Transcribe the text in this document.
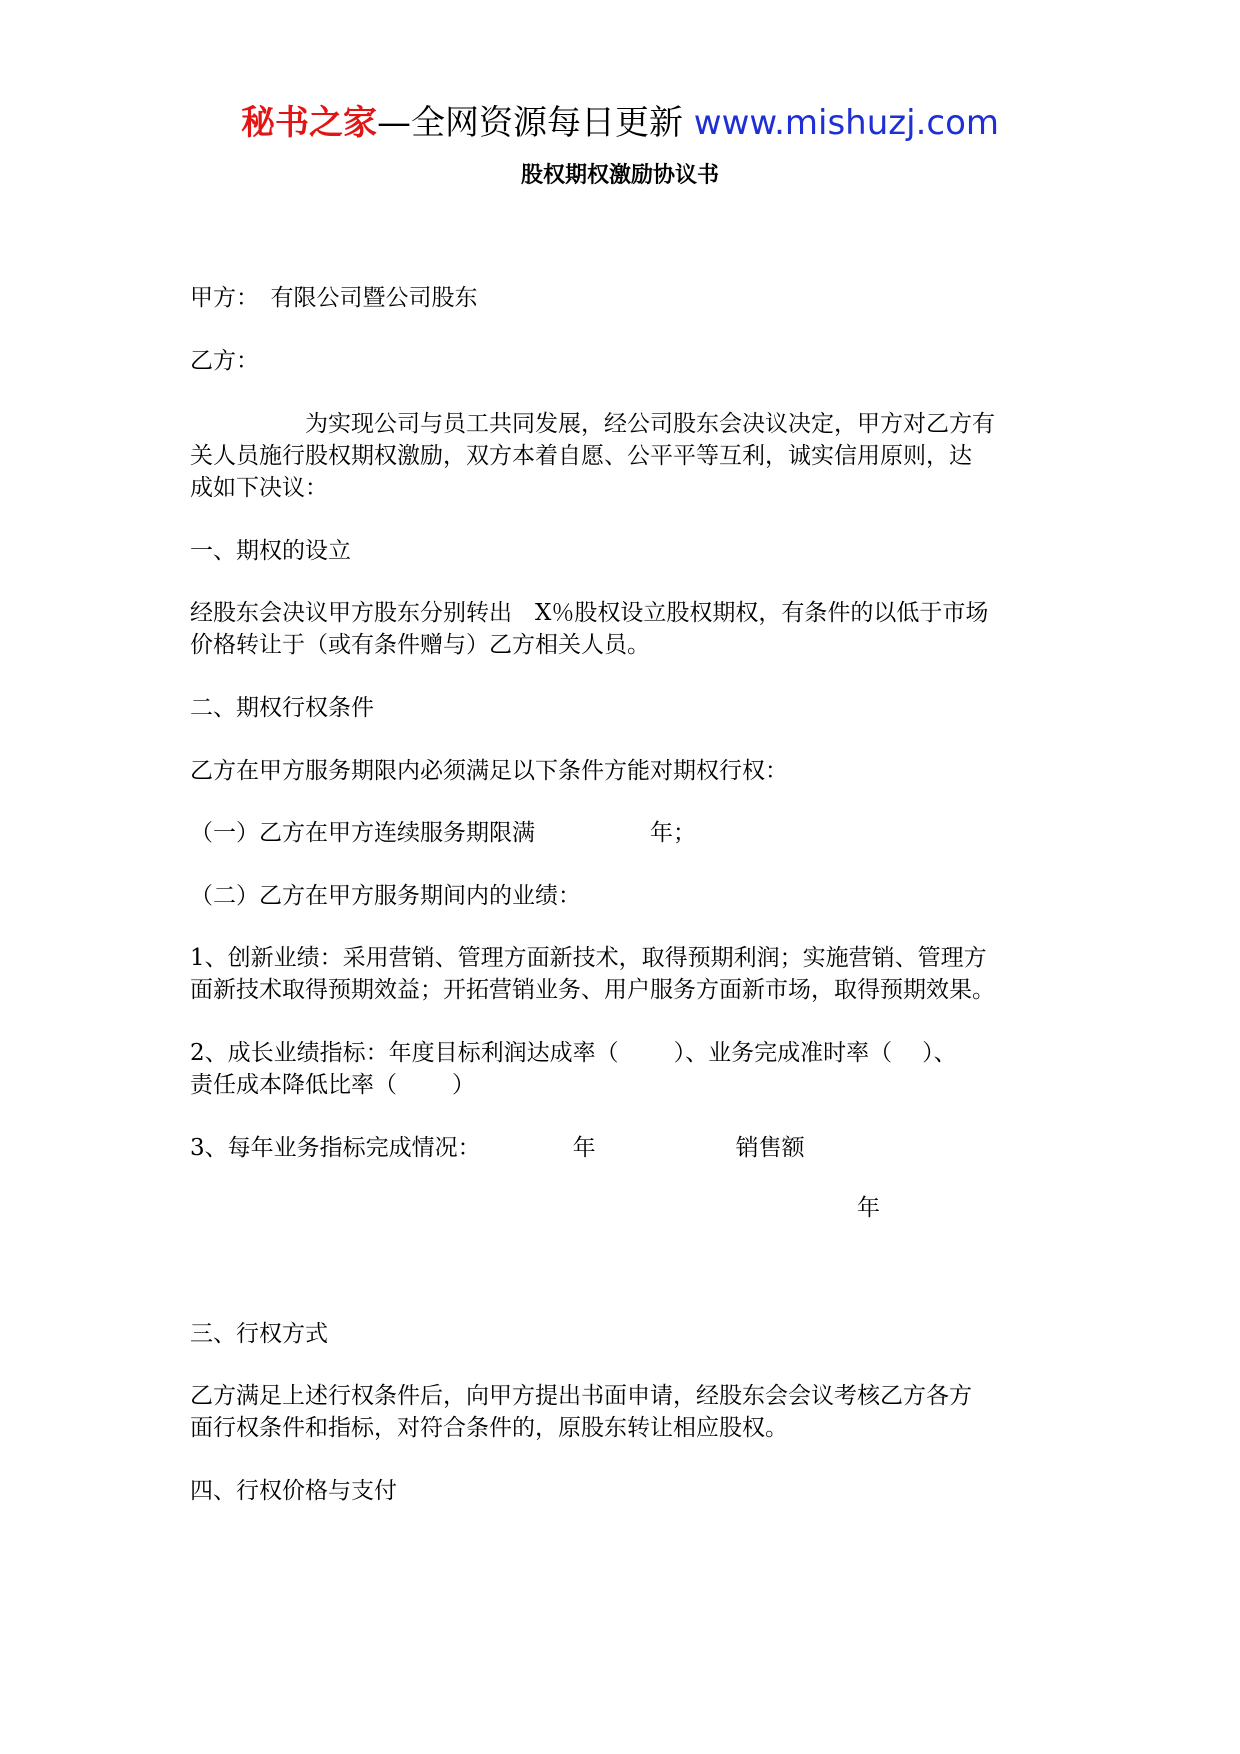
秘书之家—全网资源每日更新 www.mishuzj.com
股权期权激励协议书
甲方：　有限公司暨公司股东
乙方：
为实现公司与员工共同发展，经公司股东会决议决定，甲方对乙方有
关人员施行股权期权激励，双方本着自愿、公平平等互利，诚实信用原则，达
成如下决议：
一、期权的设立
经股东会决议甲方股东分别转出　X％股权设立股权期权，有条件的以低于市场
价格转让于（或有条件赠与）乙方相关人员。
二、期权行权条件
乙方在甲方服务期限内必须满足以下条件方能对期权行权：
（一）乙方在甲方连续服务期限满	年；
（二）乙方在甲方服务期间内的业绩：
1、创新业绩：采用营销、管理方面新技术，取得预期利润；实施营销、管理方
面新技术取得预期效益；开拓营销业务、用户服务方面新市场，取得预期效果。
2、成长业绩指标：年度目标利润达成率（ ）、业务完成准时率（ ）、
责任成本降低比率（ ）
3、每年业务指标完成情况：	年	销售额
年
三、行权方式
乙方满足上述行权条件后，向甲方提出书面申请，经股东会会议考核乙方各方
面行权条件和指标，对符合条件的，原股东转让相应股权。
四、行权价格与支付
